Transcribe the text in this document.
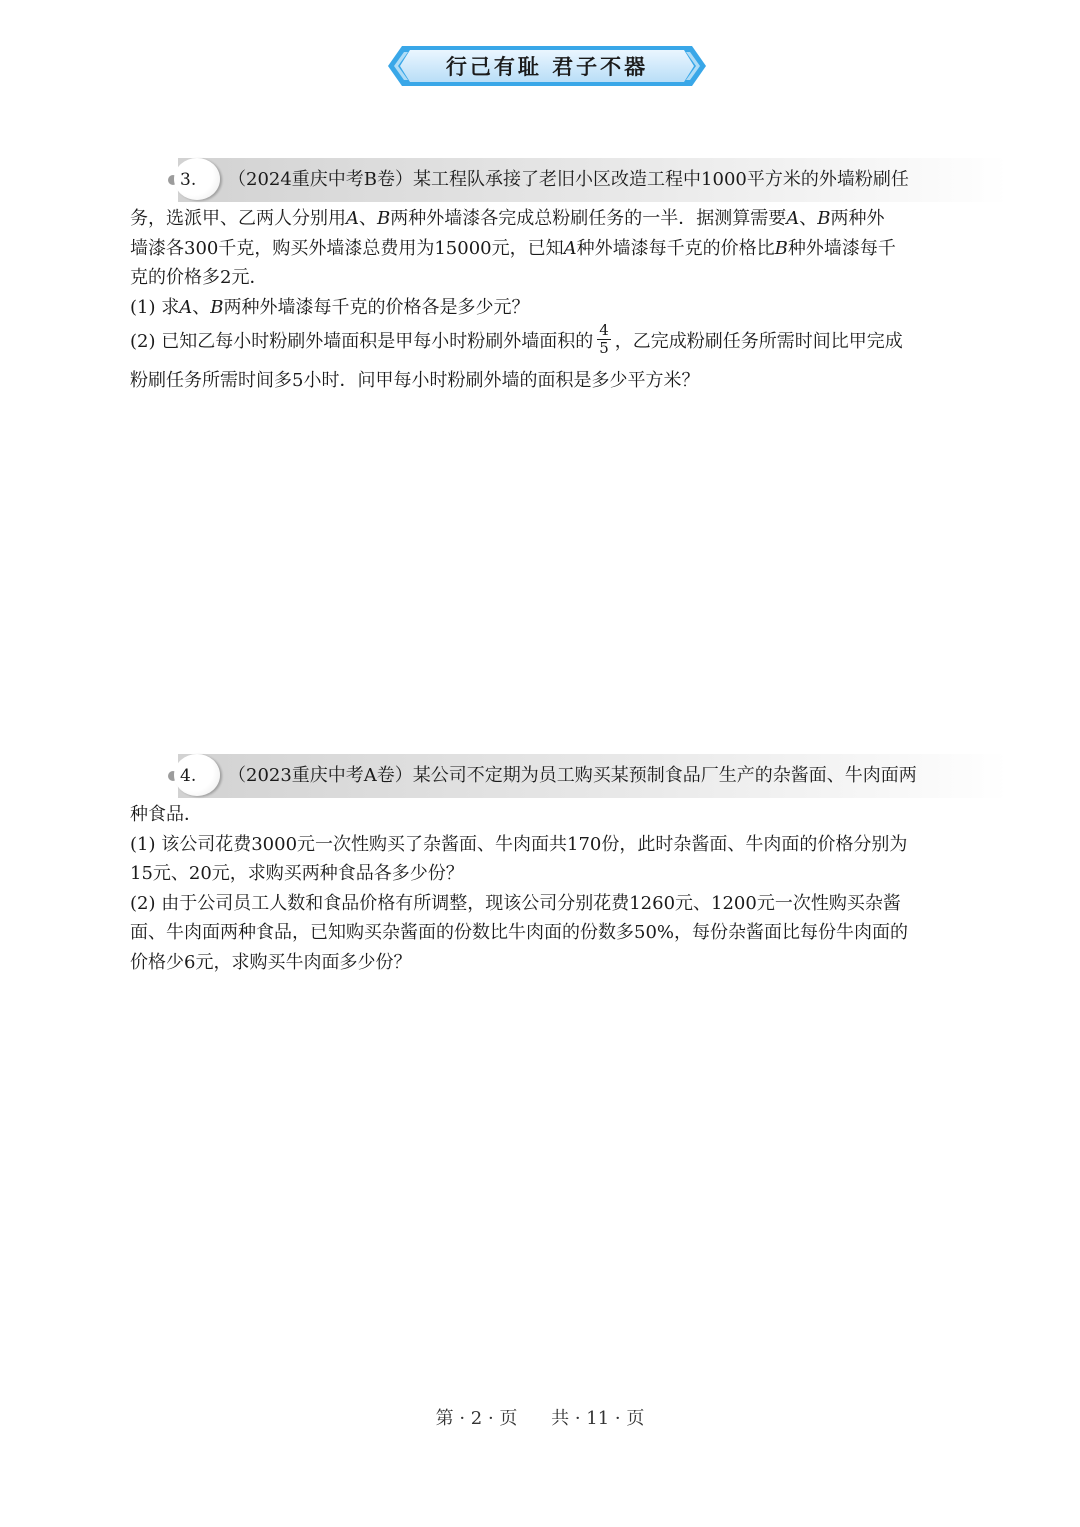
行己有耻 君子不器
3. （2024重庆中考B卷）某工程队承接了老旧小区改造工程中1000平方米的外墙粉刷任
务，选派甲、乙两人分别用A、B两种外墙漆各完成总粉刷任务的一半．据测算需要A、B两种外
墙漆各300千克，购买外墙漆总费用为15000元，已知A种外墙漆每千克的价格比B种外墙漆每千
克的价格多2元．
(1) 求A、B两种外墙漆每千克的价格各是多少元？
(2) 已知乙每小时粉刷外墙面积是甲每小时粉刷外墙面积的 $\frac{4}{5}$ ，乙完成粉刷任务所需时间比甲完成
粉刷任务所需时间多5小时．问甲每小时粉刷外墙的面积是多少平方米？
4. （2023重庆中考A卷）某公司不定期为员工购买某预制食品厂生产的杂酱面、牛肉面两
种食品．
(1) 该公司花费3000元一次性购买了杂酱面、牛肉面共170份，此时杂酱面、牛肉面的价格分别为
15元、20元，求购买两种食品各多少份？
(2) 由于公司员工人数和食品价格有所调整，现该公司分别花费1260元、1200元一次性购买杂酱
面、牛肉面两种食品，已知购买杂酱面的份数比牛肉面的份数多50%，每份杂酱面比每份牛肉面的
价格少6元，求购买牛肉面多少份？
第 · 2 · 页 共 · 11 · 页
